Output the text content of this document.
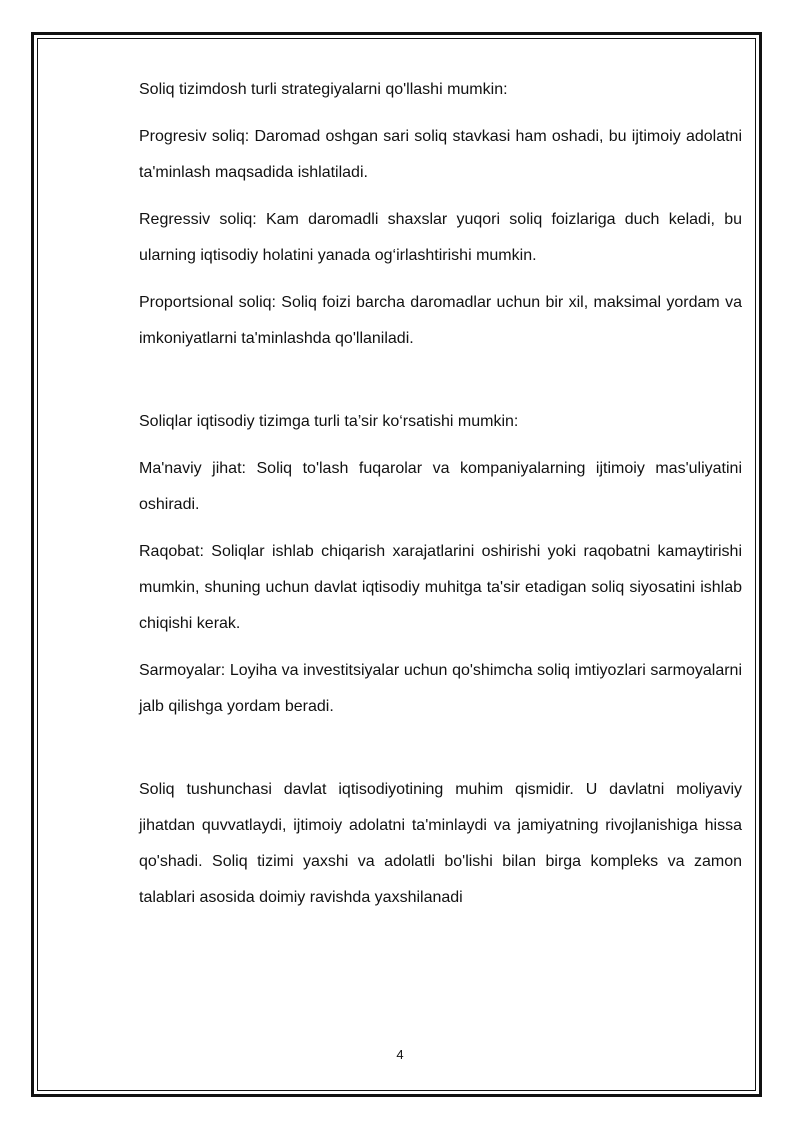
Soliq tizimdosh turli strategiyalarni qo'llashi mumkin:

Progresiv soliq: Daromad oshgan sari soliq stavkasi ham oshadi, bu ijtimoiy adolatni ta'minlash maqsadida ishlatiladi.

Regressiv soliq: Kam daromadli shaxslar yuqori soliq foizlariga duch keladi, bu ularning iqtisodiy holatini yanada og‘irlashtirishi mumkin.

Proportsional soliq: Soliq foizi barcha daromadlar uchun bir xil, maksimal yordam va imkoniyatlarni ta'minlashda qo'llaniladi.

Soliqlar iqtisodiy tizimga turli ta’sir ko‘rsatishi mumkin:

Ma'naviy jihat: Soliq to'lash fuqarolar va kompaniyalarning ijtimoiy mas'uliyatini oshiradi.

Raqobat: Soliqlar ishlab chiqarish xarajatlarini oshirishi yoki raqobatni kamaytirishi mumkin, shuning uchun davlat iqtisodiy muhitga ta'sir etadigan soliq siyosatini ishlab chiqishi kerak.

Sarmoyalar: Loyiha va investitsiyalar uchun qo'shimcha soliq imtiyozlari sarmoyalarni jalb qilishga yordam beradi.

Soliq tushunchasi davlat iqtisodiyotining muhim qismidir. U davlatni moliyaviy jihatdan quvvatlaydi, ijtimoiy adolatni ta'minlaydi va jamiyatning rivojlanishiga hissa qo'shadi. Soliq tizimi yaxshi va adolatli bo'lishi bilan birga kompleks va zamon talablari asosida doimiy ravishda yaxshilanadi

4
